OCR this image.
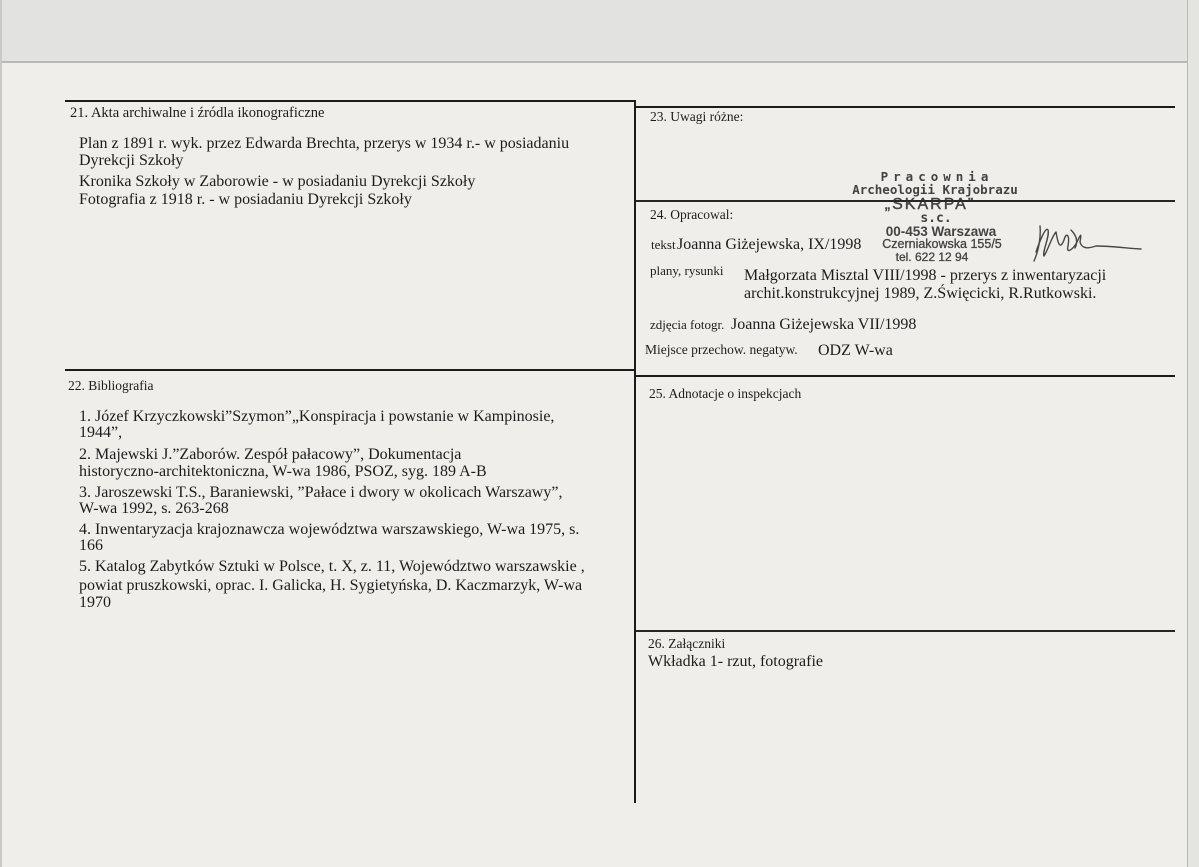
21. Akta archiwalne i źródla ikonograficzne
Plan z 1891 r. wyk. przez Edwarda Brechta, przerys w 1934 r.- w posiadaniu
Dyrekcji Szkoły
Kronika Szkoły w Zaborowie - w posiadaniu Dyrekcji Szkoły
Fotografia z 1918 r. - w posiadaniu Dyrekcji Szkoły
23. Uwagi różne:
24. Opracowal:
tekst Joanna Giżejewska, IX/1998
plany, rysunki Małgorzata Misztal VIII/1998 - przerys z inwentaryzacji
archit.konstrukcyjnej 1989, Z.Święcicki, R.Rutkowski.
zdjęcia fotogr. Joanna Giżejewska VII/1998
Miejsce przechow. negatyw. ODZ W-wa
Pracownia
Archeologii Krajobrazu
„SKARPA”
s.c.
00-453 Warszawa
Czerniakowska 155/5
tel. 622 12 94
22. Bibliografia
1. Józef Krzyczkowski”Szymon”„Konspiracja i powstanie w Kampinosie,
1944”,
2. Majewski J.”Zaborów. Zespół pałacowy”, Dokumentacja
historyczno-architektoniczna, W-wa 1986, PSOZ, syg. 189 A-B
3. Jaroszewski T.S., Baraniewski, ”Pałace i dwory w okolicach Warszawy”,
W-wa 1992, s. 263-268
4. Inwentaryzacja krajoznawcza województwa warszawskiego, W-wa 1975, s.
166
5. Katalog Zabytków Sztuki w Polsce, t. X, z. 11, Województwo warszawskie ,
powiat pruszkowski, oprac. I. Galicka, H. Sygietyńska, D. Kaczmarzyk, W-wa
1970
25. Adnotacje o inspekcjach
26. Załączniki
Wkładka 1- rzut, fotografie
